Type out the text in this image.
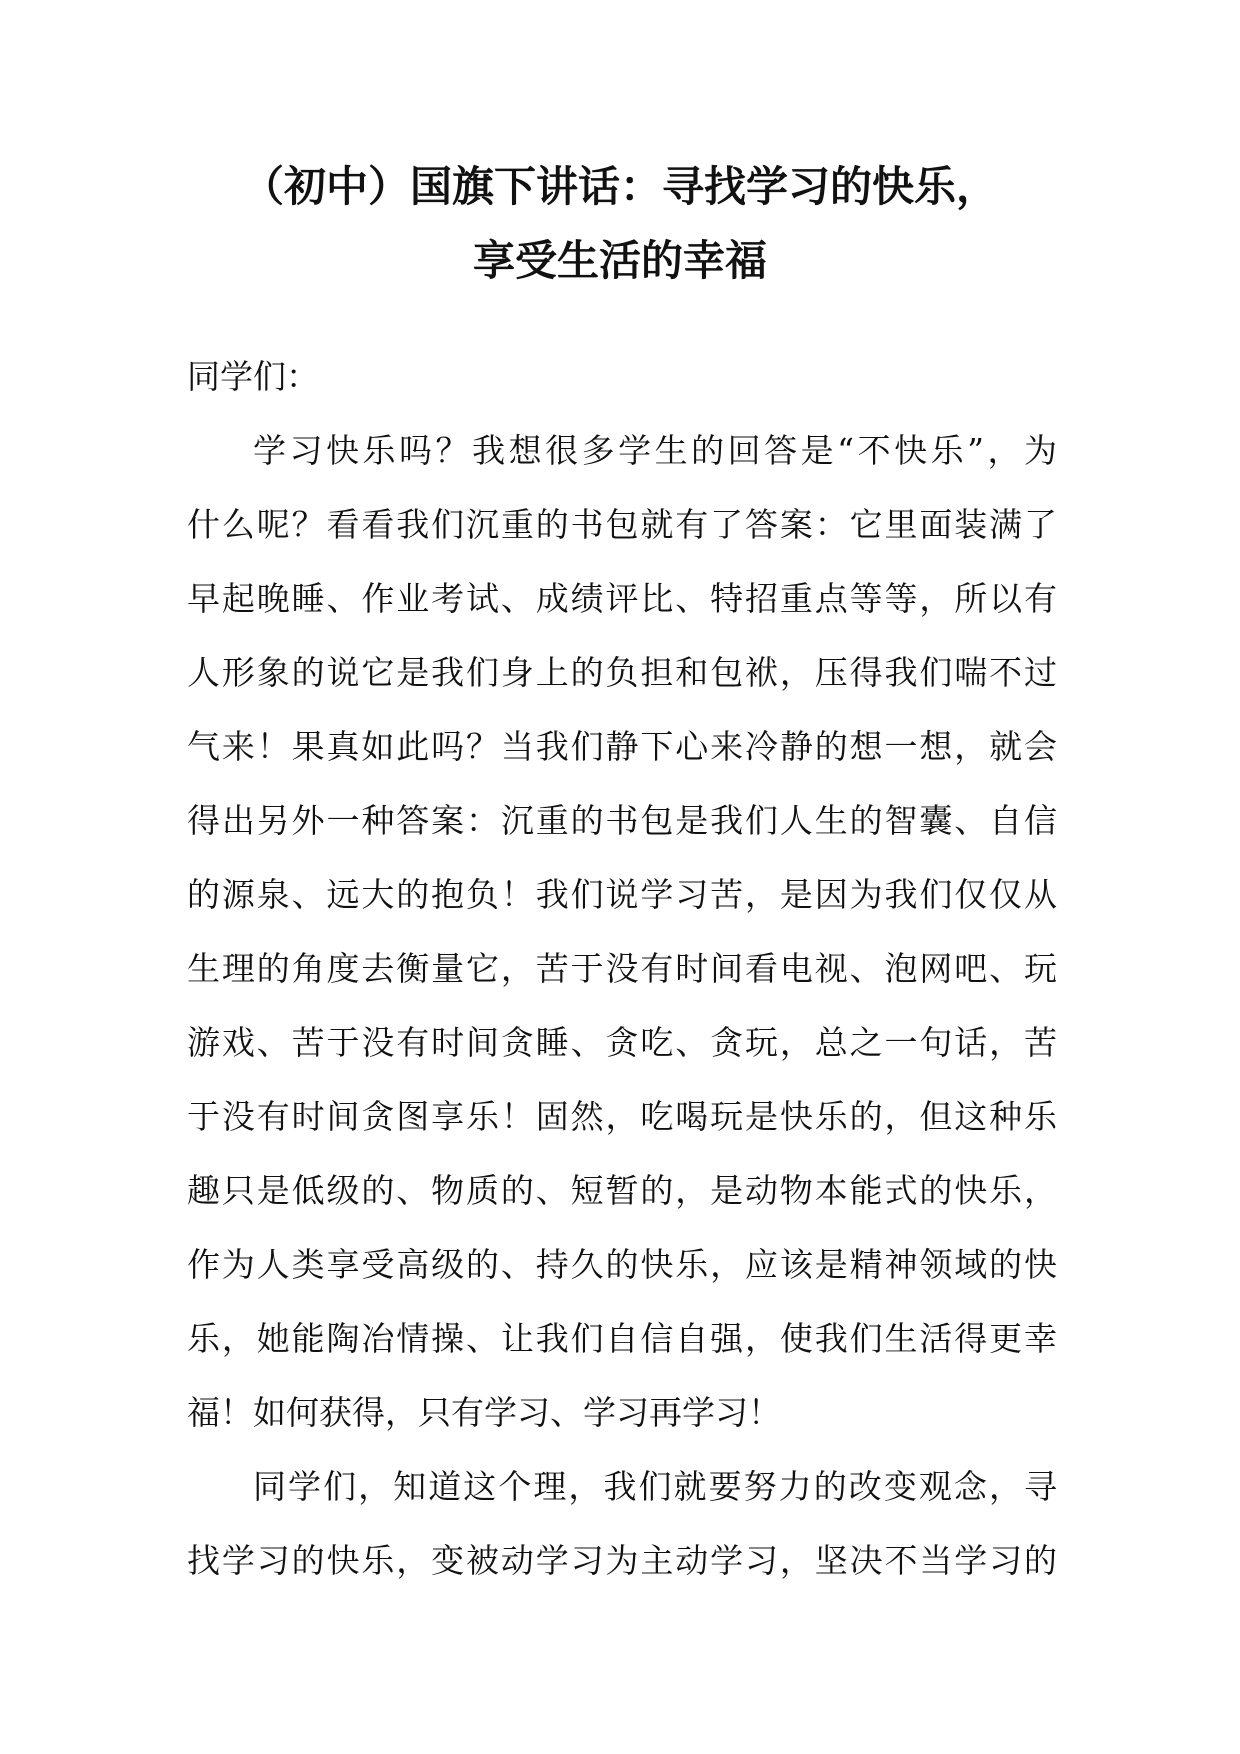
（初中）国旗下讲话：寻找学习的快乐，
享受生活的幸福
同学们：
学习快乐吗？我想很多学生的回答是“不快乐”，为
什么呢？看看我们沉重的书包就有了答案：它里面装满了
早起晚睡、作业考试、成绩评比、特招重点等等，所以有
人形象的说它是我们身上的负担和包袱，压得我们喘不过
气来！果真如此吗？当我们静下心来冷静的想一想，就会
得出另外一种答案：沉重的书包是我们人生的智囊、自信
的源泉、远大的抱负！我们说学习苦，是因为我们仅仅从
生理的角度去衡量它，苦于没有时间看电视、泡网吧、玩
游戏、苦于没有时间贪睡、贪吃、贪玩，总之一句话，苦
于没有时间贪图享乐！固然，吃喝玩是快乐的，但这种乐
趣只是低级的、物质的、短暂的，是动物本能式的快乐，
作为人类享受高级的、持久的快乐，应该是精神领域的快
乐，她能陶冶情操、让我们自信自强，使我们生活得更幸
福！如何获得，只有学习、学习再学习！
同学们，知道这个理，我们就要努力的改变观念，寻
找学习的快乐，变被动学习为主动学习，坚决不当学习的
